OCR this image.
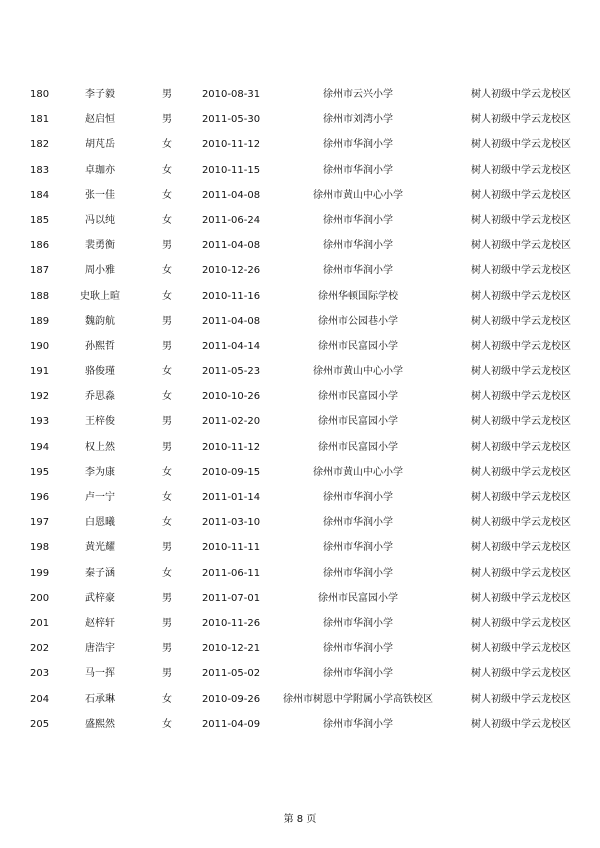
180	李子毅	男	2010-08-31	徐州市云兴小学	树人初级中学云龙校区
181	赵启恒	男	2011-05-30	徐州市刘湾小学	树人初级中学云龙校区
182	胡芃岳	女	2010-11-12	徐州市华润小学	树人初级中学云龙校区
183	卓珈亦	女	2010-11-15	徐州市华润小学	树人初级中学云龙校区
184	张一佳	女	2011-04-08	徐州市黄山中心小学	树人初级中学云龙校区
185	冯以纯	女	2011-06-24	徐州市华润小学	树人初级中学云龙校区
186	裴勇衡	男	2011-04-08	徐州市华润小学	树人初级中学云龙校区
187	周小雅	女	2010-12-26	徐州市华润小学	树人初级中学云龙校区
188	史耿上暄	女	2010-11-16	徐州华顿国际学校	树人初级中学云龙校区
189	魏韵航	男	2011-04-08	徐州市公园巷小学	树人初级中学云龙校区
190	孙熙哲	男	2011-04-14	徐州市民富园小学	树人初级中学云龙校区
191	骆俊瑾	女	2011-05-23	徐州市黄山中心小学	树人初级中学云龙校区
192	乔思淼	女	2010-10-26	徐州市民富园小学	树人初级中学云龙校区
193	王梓俊	男	2011-02-20	徐州市民富园小学	树人初级中学云龙校区
194	权上然	男	2010-11-12	徐州市民富园小学	树人初级中学云龙校区
195	李为康	女	2010-09-15	徐州市黄山中心小学	树人初级中学云龙校区
196	卢一宁	女	2011-01-14	徐州市华润小学	树人初级中学云龙校区
197	白恩曦	女	2011-03-10	徐州市华润小学	树人初级中学云龙校区
198	黄光耀	男	2010-11-11	徐州市华润小学	树人初级中学云龙校区
199	秦子涵	女	2011-06-11	徐州市华润小学	树人初级中学云龙校区
200	武梓豪	男	2011-07-01	徐州市民富园小学	树人初级中学云龙校区
201	赵梓轩	男	2010-11-26	徐州市华润小学	树人初级中学云龙校区
202	唐浩宇	男	2010-12-21	徐州市华润小学	树人初级中学云龙校区
203	马一挥	男	2011-05-02	徐州市华润小学	树人初级中学云龙校区
204	石承琳	女	2010-09-26	徐州市树恩中学附属小学高铁校区	树人初级中学云龙校区
205	盛熙然	女	2011-04-09	徐州市华润小学	树人初级中学云龙校区
第 8 页
